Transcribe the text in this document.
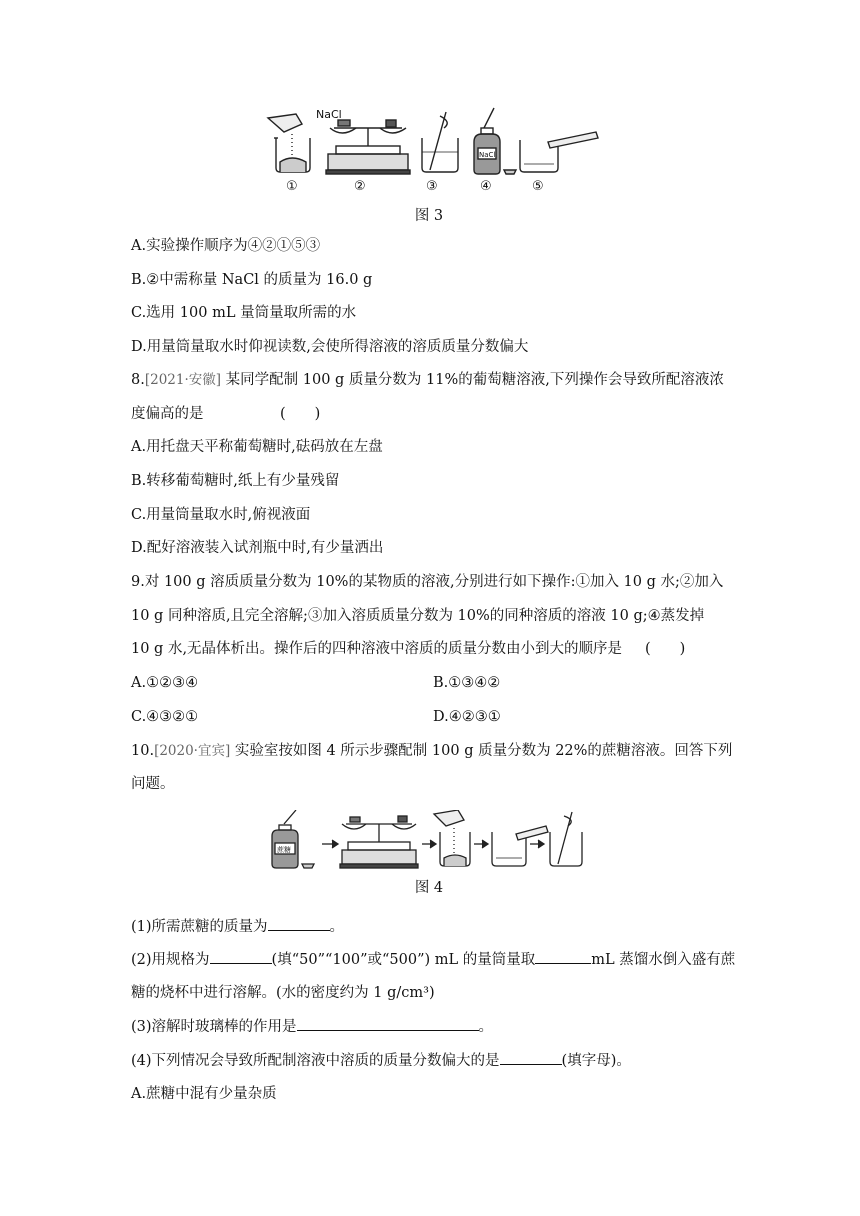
NaCl
NaCl
①	②	③	④	⑤
图 3
A.实验操作顺序为④②①⑤③
B.②中需称量 NaCl 的质量为 16.0 g
C.选用 100 mL 量筒量取所需的水
D.用量筒量取水时仰视读数,会使所得溶液的溶质质量分数偏大
8.[2021·安徽] 某同学配制 100 g 质量分数为 11%的葡萄糖溶液,下列操作会导致所配溶液浓
度偏高的是	(　　)
A.用托盘天平称葡萄糖时,砝码放在左盘
B.转移葡萄糖时,纸上有少量残留
C.用量筒量取水时,俯视液面
D.配好溶液装入试剂瓶中时,有少量洒出
9.对 100 g 溶质质量分数为 10%的某物质的溶液,分别进行如下操作:①加入 10 g 水;②加入
10 g 同种溶质,且完全溶解;③加入溶质质量分数为 10%的同种溶质的溶液 10 g;④蒸发掉
10 g 水,无晶体析出。操作后的四种溶液中溶质的质量分数由小到大的顺序是 (　　)
A.①②③④	B.①③④②
C.④③②①	D.④②③①
10.[2020·宜宾] 实验室按如图 4 所示步骤配制 100 g 质量分数为 22%的蔗糖溶液。回答下列
问题。
蔗糖
图 4
(1)所需蔗糖的质量为	。
(2)用规格为	(填“50”“100”或“500”) mL 的量筒量取	mL 蒸馏水倒入盛有蔗
糖的烧杯中进行溶解。(水的密度约为 1 g/cm³)
(3)溶解时玻璃棒的作用是	。
(4)下列情况会导致所配制溶液中溶质的质量分数偏大的是	(填字母)。
A.蔗糖中混有少量杂质
